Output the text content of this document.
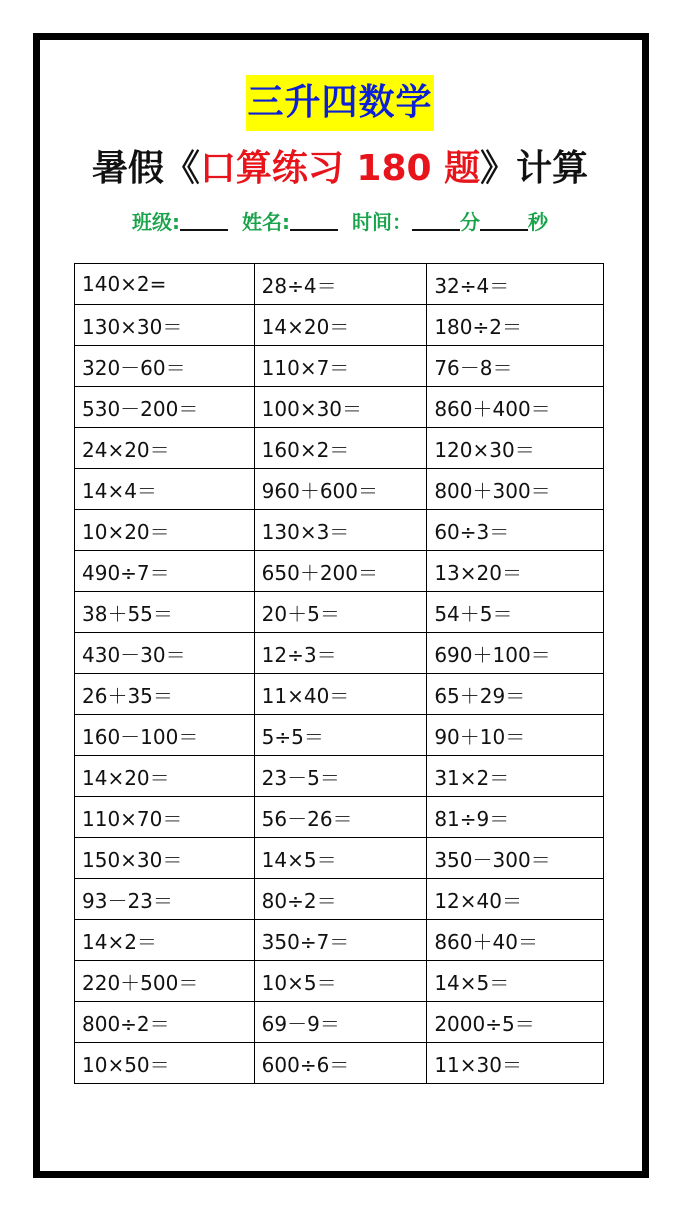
三升四数学
暑假《口算练习 180 题》计算
班级:	姓名:	时间： 分 秒
140×2=	28÷4＝	32÷4＝
130×30＝	14×20＝	180÷2＝
320－60＝	110×7＝	76－8＝
530－200＝	100×30＝	860＋400＝
24×20＝	160×2＝	120×30＝
14×4＝	960＋600＝	800＋300＝
10×20＝	130×3＝	60÷3＝
490÷7＝	650＋200＝	13×20＝
38＋55＝	20＋5＝	54＋5＝
430－30＝	12÷3＝	690＋100＝
26＋35＝	11×40＝	65＋29＝
160－100＝	5÷5＝	90＋10＝
14×20＝	23－5＝	31×2＝
110×70＝	56－26＝	81÷9＝
150×30＝	14×5＝	350－300＝
93－23＝	80÷2＝	12×40＝
14×2＝	350÷7＝	860＋40＝
220＋500＝	10×5＝	14×5＝
800÷2＝	69－9＝	2000÷5＝
10×50＝	600÷6＝	11×30＝
